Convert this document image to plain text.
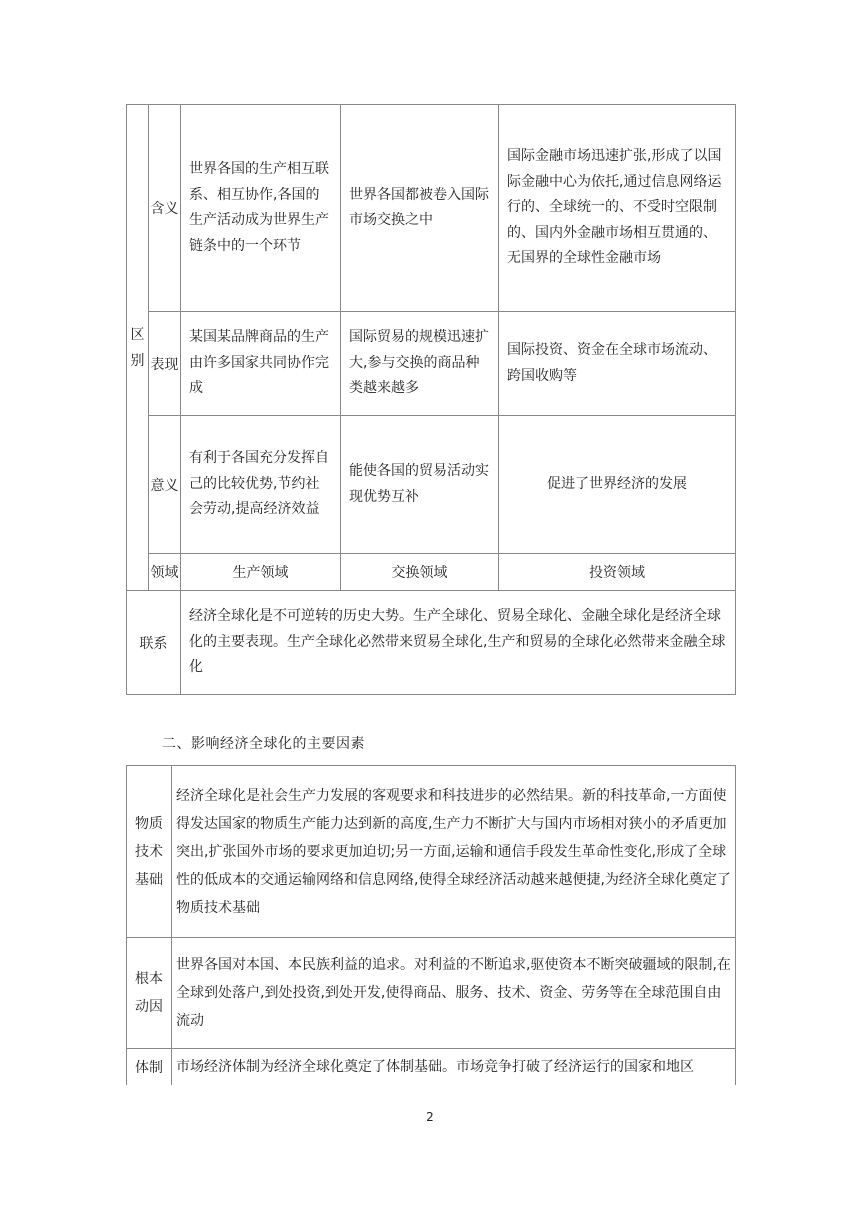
区别	含义	世界各国的生产相互联系、相互协作,各国的生产活动成为世界生产链条中的一个环节	世界各国都被卷入国际市场交换之中	国际金融市场迅速扩张,形成了以国际金融中心为依托,通过信息网络运行的、全球统一的、不受时空限制的、国内外金融市场相互贯通的、无国界的全球性金融市场
	表现	某国某品牌商品的生产由许多国家共同协作完成	国际贸易的规模迅速扩大,参与交换的商品种类越来越多	国际投资、资金在全球市场流动、跨国收购等
	意义	有利于各国充分发挥自己的比较优势,节约社会劳动,提高经济效益	能使各国的贸易活动实现优势互补	促进了世界经济的发展
	领域	生产领域	交换领域	投资领域
联系		经济全球化是不可逆转的历史大势。生产全球化、贸易全球化、金融全球化是经济全球化的主要表现。生产全球化必然带来贸易全球化,生产和贸易的全球化必然带来金融全球化		
二、影响经济全球化的主要因素
物质技术基础	经济全球化是社会生产力发展的客观要求和科技进步的必然结果。新的科技革命,一方面使得发达国家的物质生产能力达到新的高度,生产力不断扩大与国内市场相对狭小的矛盾更加突出,扩张国外市场的要求更加迫切;另一方面,运输和通信手段发生革命性变化,形成了全球性的低成本的交通运输网络和信息网络,使得全球经济活动越来越便捷,为经济全球化奠定了物质技术基础

根本动因	世界各国对本国、本民族利益的追求。对利益的不断追求,驱使资本不断突破疆域的限制,在全球到处落户,到处投资,到处开发,使得商品、服务、技术、资金、劳务等在全球范围自由流动
体制	市场经济体制为经济全球化奠定了体制基础。市场竞争打破了经济运行的国家和地区
2
